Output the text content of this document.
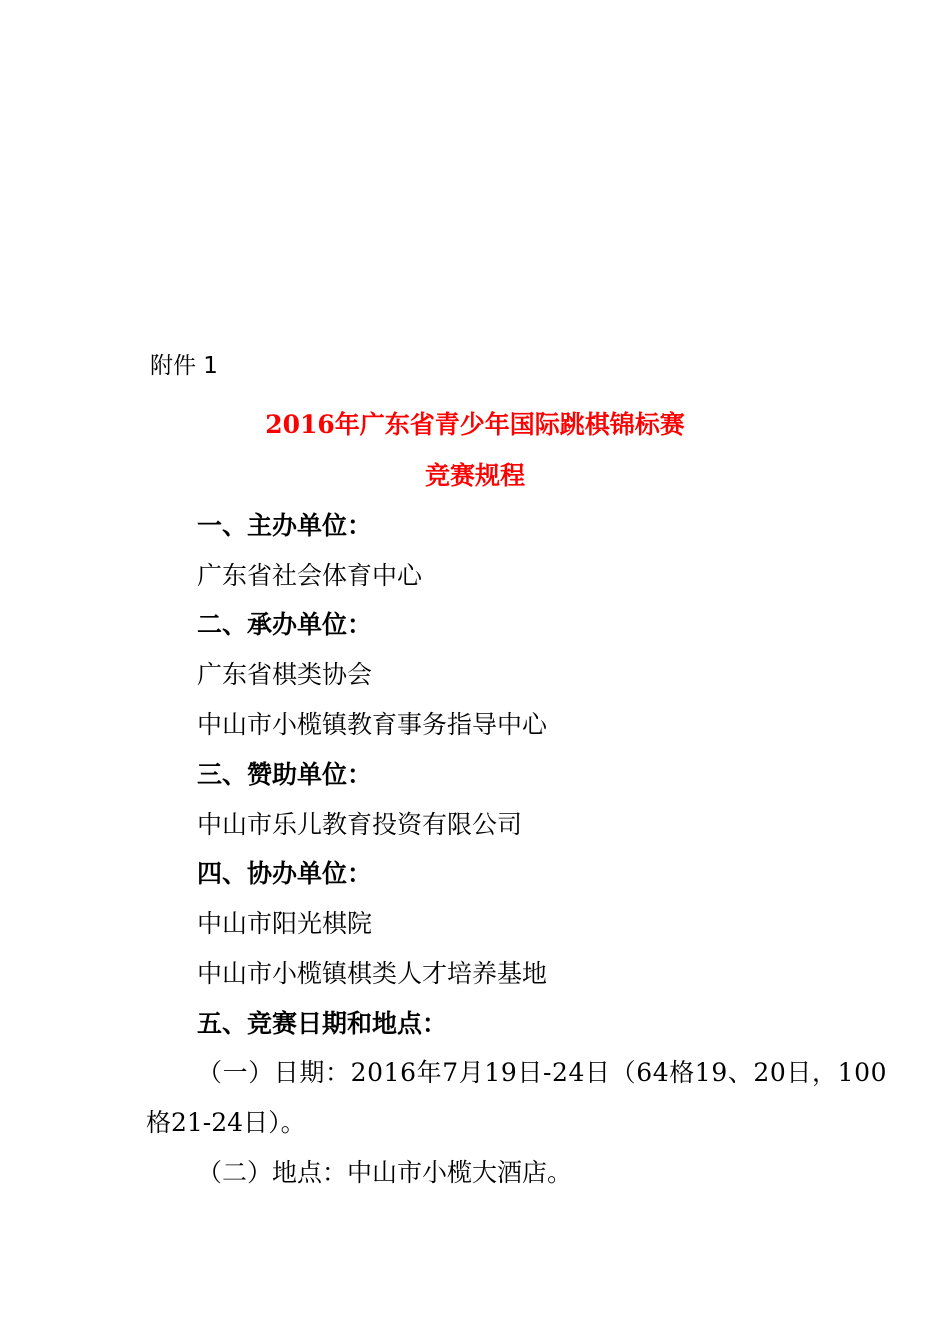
附件 1
2016年广东省青少年国际跳棋锦标赛
竞赛规程
一、主办单位：
广东省社会体育中心
二、承办单位：
广东省棋类协会
中山市小榄镇教育事务指导中心
三、赞助单位：
中山市乐儿教育投资有限公司
四、协办单位：
中山市阳光棋院
中山市小榄镇棋类人才培养基地
五、竞赛日期和地点：
（一）日期：2016年7月19日-24日（64格19、20日，100
格21-24日）。
（二）地点：中山市小榄大酒店。
